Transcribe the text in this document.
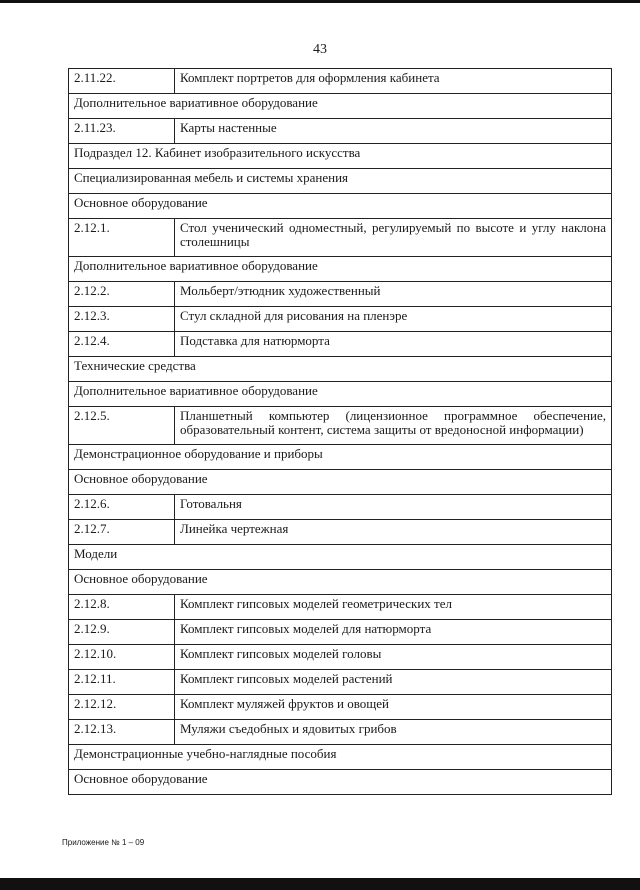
43
2.11.22.	Комплект портретов для оформления кабинета
Дополнительное вариативное оборудование	
2.11.23.	Карты настенные
Подраздел 12. Кабинет изобразительного искусства	
Специализированная мебель и системы хранения	
Основное оборудование	
2.12.1.	Стол ученический одноместный, регулируемый по высоте и углу наклона столешницы
Дополнительное вариативное оборудование	
2.12.2.	Мольберт/этюдник художественный
2.12.3.	Стул складной для рисования на пленэре
2.12.4.	Подставка для натюрморта
Технические средства	
Дополнительное вариативное оборудование	
2.12.5.	Планшетный компьютер (лицензионное программное обеспечение, образовательный контент, система защиты от вредоносной информации)
Демонстрационное оборудование и приборы	
Основное оборудование	
2.12.6.	Готовальня
2.12.7.	Линейка чертежная
Модели	
Основное оборудование	
2.12.8.	Комплект гипсовых моделей геометрических тел
2.12.9.	Комплект гипсовых моделей для натюрморта
2.12.10.	Комплект гипсовых моделей головы
2.12.11.	Комплект гипсовых моделей растений
2.12.12.	Комплект муляжей фруктов и овощей
2.12.13.	Муляжи съедобных и ядовитых грибов
Демонстрационные учебно-наглядные пособия	
Основное оборудование	
Приложение № 1 – 09
